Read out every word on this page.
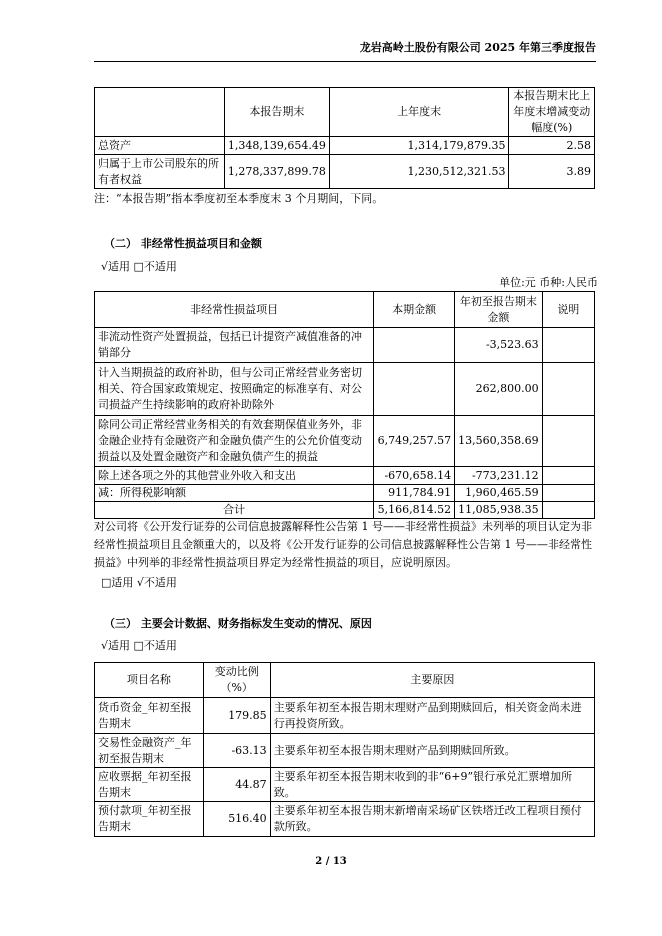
龙岩高岭土股份有限公司 2025 年第三季度报告
	本报告期末	上年度末	本报告期末比上年度末增减变动幅度(%)
总资产	1,348,139,654.49	1,314,179,879.35	2.58
归属于上市公司股东的所有者权益	1,278,337,899.78	1,230,512,321.53	3.89
注：“本报告期”指本季度初至本季度末 3 个月期间，下同。
（二） 非经常性损益项目和金额
√适用 □不适用
单位:元 币种:人民币
非经常性损益项目	本期金额	年初至报告期末金额	说明
非流动性资产处置损益，包括已计提资产减值准备的冲销部分		-3,523.63	
计入当期损益的政府补助，但与公司正常经营业务密切相关、符合国家政策规定、按照确定的标准享有、对公司损益产生持续影响的政府补助除外		262,800.00	
除同公司正常经营业务相关的有效套期保值业务外，非金融企业持有金融资产和金融负债产生的公允价值变动损益以及处置金融资产和金融负债产生的损益	6,749,257.57	13,560,358.69	
除上述各项之外的其他营业外收入和支出	-670,658.14	-773,231.12	
减：所得税影响额	911,784.91	1,960,465.59	
合计	5,166,814.52	11,085,938.35	
对公司将《公开发行证券的公司信息披露解释性公告第 1 号——非经常性损益》未列举的项目认定为非经常性损益项目且金额重大的，以及将《公开发行证券的公司信息披露解释性公告第 1 号——非经常性损益》中列举的非经常性损益项目界定为经常性损益的项目，应说明原因。
□适用 √不适用
（三） 主要会计数据、财务指标发生变动的情况、原因
√适用 □不适用
项目名称	变动比例（%）	主要原因
货币资金_年初至报告期末	179.85	主要系年初至本报告期末理财产品到期赎回后，相关资金尚未进行再投资所致。
交易性金融资产_年初至报告期末	-63.13	主要系年初至本报告期末理财产品到期赎回所致。
应收票据_年初至报告期末	44.87	主要系年初至本报告期末收到的非“6+9”银行承兑汇票增加所致。
预付款项_年初至报告期末	516.40	主要系年初至本报告期末新增南采场矿区铁塔迁改工程项目预付款所致。
2 / 13
